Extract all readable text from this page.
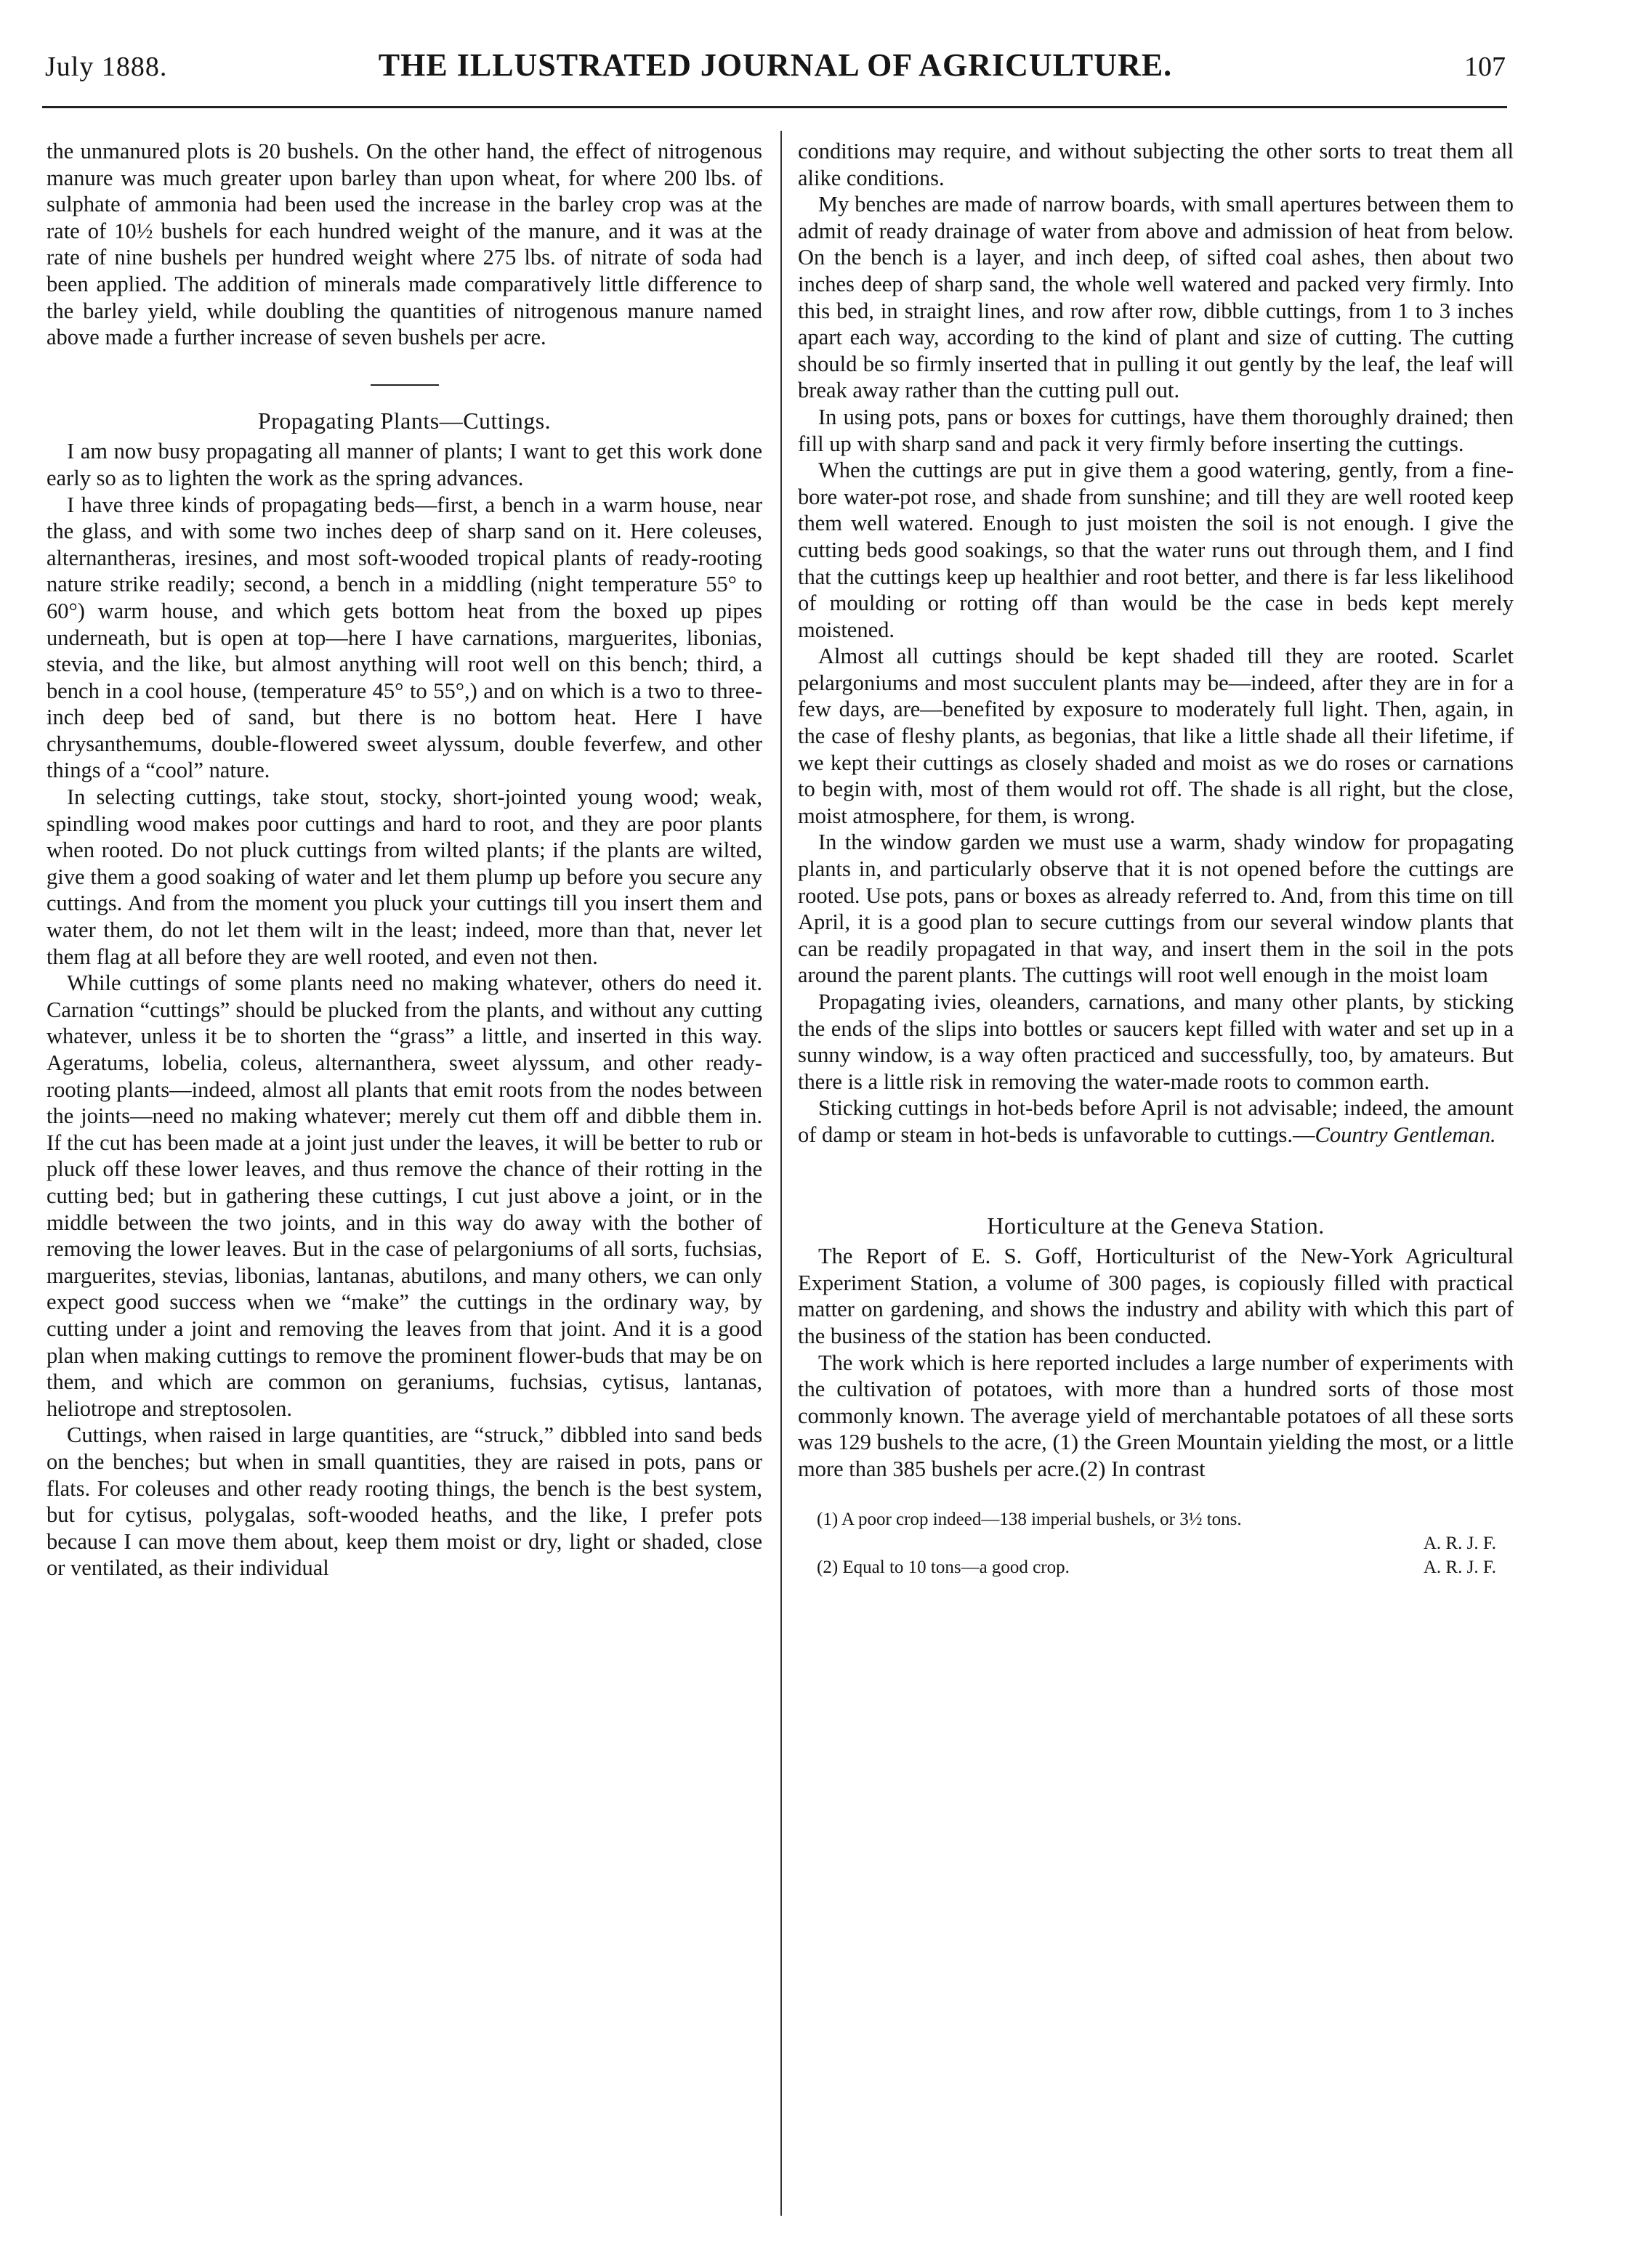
July 1888.	THE ILLUSTRATED JOURNAL OF AGRICULTURE.	107

the unmanured plots is 20 bushels. On the other hand, the effect of nitrogenous manure was much greater upon barley than upon wheat, for where 200 lbs. of sulphate of ammonia had been used the increase in the barley crop was at the rate of 10½ bushels for each hundred weight of the manure, and it was at the rate of nine bushels per hundred weight where 275 lbs. of nitrate of soda had been applied. The addition of minerals made comparatively little difference to the barley yield, while doubling the quantities of nitrogenous manure named above made a further increase of seven bushels per acre.

Propagating Plants—Cuttings.

I am now busy propagating all manner of plants; I want to get this work done early so as to lighten the work as the spring advances.

I have three kinds of propagating beds—first, a bench in a warm house, near the glass, and with some two inches deep of sharp sand on it. Here coleuses, alternantheras, iresines, and most soft-wooded tropical plants of ready-rooting nature strike readily; second, a bench in a middling (night temperature 55° to 60°) warm house, and which gets bottom heat from the boxed up pipes underneath, but is open at top—here I have carnations, marguerites, libonias, stevia, and the like, but almost anything will root well on this bench; third, a bench in a cool house, (temperature 45° to 55°,) and on which is a two to three-inch deep bed of sand, but there is no bottom heat. Here I have chrysanthemums, double-flowered sweet alyssum, double feverfew, and other things of a “cool” nature.

In selecting cuttings, take stout, stocky, short-jointed young wood; weak, spindling wood makes poor cuttings and hard to root, and they are poor plants when rooted. Do not pluck cuttings from wilted plants; if the plants are wilted, give them a good soaking of water and let them plump up before you secure any cuttings. And from the moment you pluck your cuttings till you insert them and water them, do not let them wilt in the least; indeed, more than that, never let them flag at all before they are well rooted, and even not then.

While cuttings of some plants need no making whatever, others do need it. Carnation “cuttings” should be plucked from the plants, and without any cutting whatever, unless it be to shorten the “grass” a little, and inserted in this way. Ageratums, lobelia, coleus, alternanthera, sweet alyssum, and other ready-rooting plants—indeed, almost all plants that emit roots from the nodes between the joints—need no making whatever; merely cut them off and dibble them in. If the cut has been made at a joint just under the leaves, it will be better to rub or pluck off these lower leaves, and thus remove the chance of their rotting in the cutting bed; but in gathering these cuttings, I cut just above a joint, or in the middle between the two joints, and in this way do away with the bother of removing the lower leaves. But in the case of pelargoniums of all sorts, fuchsias, marguerites, stevias, libonias, lantanas, abutilons, and many others, we can only expect good success when we “make” the cuttings in the ordinary way, by cutting under a joint and removing the leaves from that joint. And it is a good plan when making cuttings to remove the prominent flower-buds that may be on them, and which are common on geraniums, fuchsias, cytisus, lantanas, heliotrope and streptosolen.

Cuttings, when raised in large quantities, are “struck,” dibbled into sand beds on the benches; but when in small quantities, they are raised in pots, pans or flats. For coleuses and other ready rooting things, the bench is the best system, but for cytisus, polygalas, soft-wooded heaths, and the like, I prefer pots because I can move them about, keep them moist or dry, light or shaded, close or ventilated, as their individual

conditions may require, and without subjecting the other sorts to treat them all alike conditions.

My benches are made of narrow boards, with small apertures between them to admit of ready drainage of water from above and admission of heat from below. On the bench is a layer, and inch deep, of sifted coal ashes, then about two inches deep of sharp sand, the whole well watered and packed very firmly. Into this bed, in straight lines, and row after row, dibble cuttings, from 1 to 3 inches apart each way, according to the kind of plant and size of cutting. The cutting should be so firmly inserted that in pulling it out gently by the leaf, the leaf will break away rather than the cutting pull out.

In using pots, pans or boxes for cuttings, have them thoroughly drained; then fill up with sharp sand and pack it very firmly before inserting the cuttings.

When the cuttings are put in give them a good watering, gently, from a fine-bore water-pot rose, and shade from sunshine; and till they are well rooted keep them well watered. Enough to just moisten the soil is not enough. I give the cutting beds good soakings, so that the water runs out through them, and I find that the cuttings keep up healthier and root better, and there is far less likelihood of moulding or rotting off than would be the case in beds kept merely moistened.

Almost all cuttings should be kept shaded till they are rooted. Scarlet pelargoniums and most succulent plants may be—indeed, after they are in for a few days, are—benefited by exposure to moderately full light. Then, again, in the case of fleshy plants, as begonias, that like a little shade all their lifetime, if we kept their cuttings as closely shaded and moist as we do roses or carnations to begin with, most of them would rot off. The shade is all right, but the close, moist atmosphere, for them, is wrong.

In the window garden we must use a warm, shady window for propagating plants in, and particularly observe that it is not opened before the cuttings are rooted. Use pots, pans or boxes as already referred to. And, from this time on till April, it is a good plan to secure cuttings from our several window plants that can be readily propagated in that way, and insert them in the soil in the pots around the parent plants. The cuttings will root well enough in the moist loam

Propagating ivies, oleanders, carnations, and many other plants, by sticking the ends of the slips into bottles or saucers kept filled with water and set up in a sunny window, is a way often practiced and successfully, too, by amateurs. But there is a little risk in removing the water-made roots to common earth.

Sticking cuttings in hot-beds before April is not advisable; indeed, the amount of damp or steam in hot-beds is unfavorable to cuttings.—Country Gentleman.

Horticulture at the Geneva Station.

The Report of E. S. Goff, Horticulturist of the New-York Agricultural Experiment Station, a volume of 300 pages, is copiously filled with practical matter on gardening, and shows the industry and ability with which this part of the business of the station has been conducted.

The work which is here reported includes a large number of experiments with the cultivation of potatoes, with more than a hundred sorts of those most commonly known. The average yield of merchantable potatoes of all these sorts was 129 bushels to the acre, (1) the Green Mountain yielding the most, or a little more than 385 bushels per acre.(2) In contrast

(1) A poor crop indeed—138 imperial bushels, or 3½ tons.
A. R. J. F.
(2) Equal to 10 tons—a good crop.	A. R. J. F.
